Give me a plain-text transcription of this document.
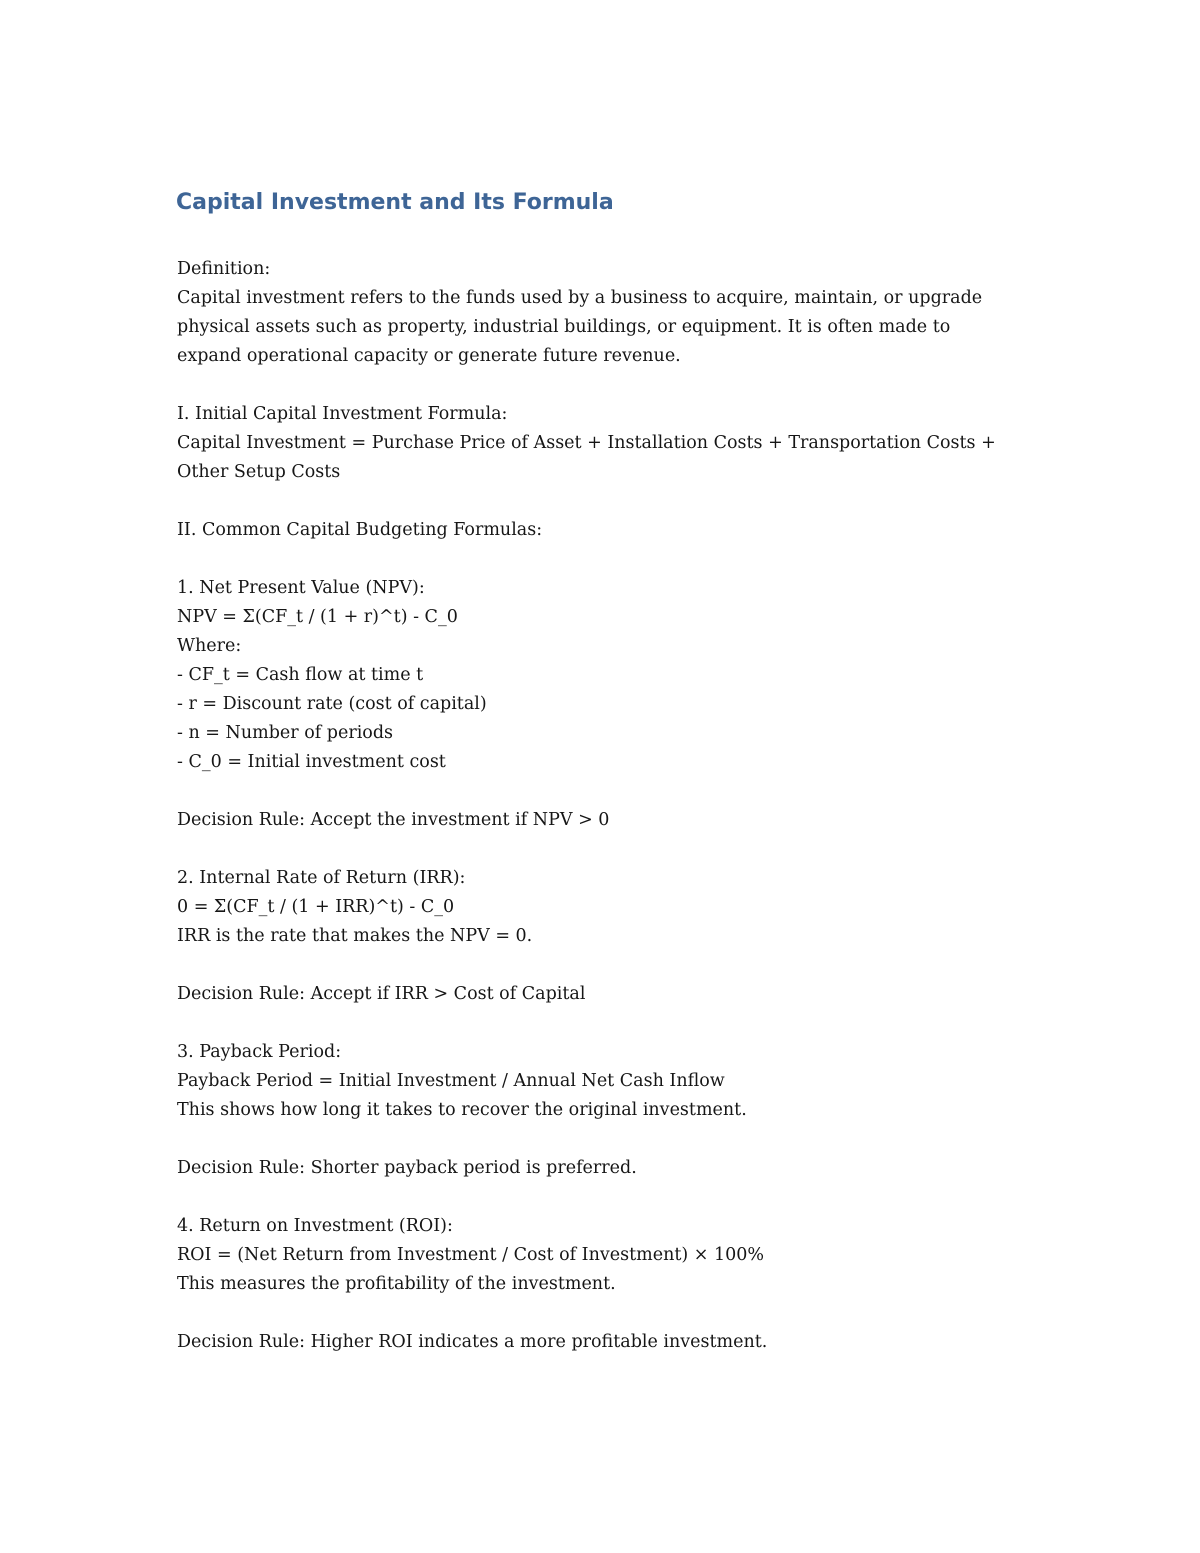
Capital Investment and Its Formula
Definition:
Capital investment refers to the funds used by a business to acquire, maintain, or upgrade
physical assets such as property, industrial buildings, or equipment. It is often made to
expand operational capacity or generate future revenue.
I. Initial Capital Investment Formula:
Capital Investment = Purchase Price of Asset + Installation Costs + Transportation Costs +
Other Setup Costs
II. Common Capital Budgeting Formulas:
1. Net Present Value (NPV):
NPV = Σ(CF_t / (1 + r)^t) - C_0
Where:
- CF_t = Cash flow at time t
- r = Discount rate (cost of capital)
- n = Number of periods
- C_0 = Initial investment cost
Decision Rule: Accept the investment if NPV > 0
2. Internal Rate of Return (IRR):
0 = Σ(CF_t / (1 + IRR)^t) - C_0
IRR is the rate that makes the NPV = 0.
Decision Rule: Accept if IRR > Cost of Capital
3. Payback Period:
Payback Period = Initial Investment / Annual Net Cash Inflow
This shows how long it takes to recover the original investment.
Decision Rule: Shorter payback period is preferred.
4. Return on Investment (ROI):
ROI = (Net Return from Investment / Cost of Investment) × 100%
This measures the profitability of the investment.
Decision Rule: Higher ROI indicates a more profitable investment.
